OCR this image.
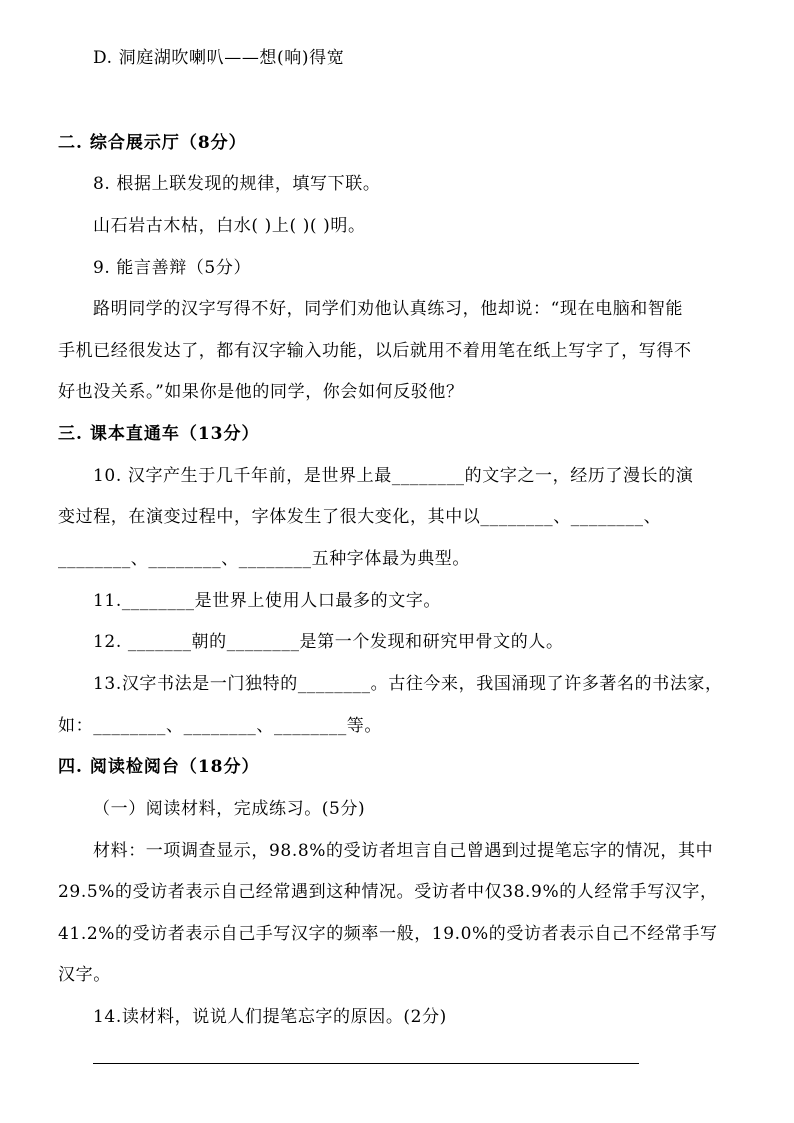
D. 洞庭湖吹喇叭——想(响)得宽
二. 综合展示厅（8分）
8. 根据上联发现的规律，填写下联。
山石岩古木枯，白水( )上( )( )明。
9. 能言善辩（5分）
路明同学的汉字写得不好，同学们劝他认真练习，他却说：“现在电脑和智能
手机已经很发达了，都有汉字输入功能，以后就用不着用笔在纸上写字了，写得不
好也没关系。”如果你是他的同学，你会如何反驳他？
三. 课本直通车（13分）
10. 汉字产生于几千年前，是世界上最________的文字之一，经历了漫长的演
变过程，在演变过程中，字体发生了很大变化，其中以________、________、
________、________、________五种字体最为典型。
11.________是世界上使用人口最多的文字。
12. _______朝的________是第一个发现和研究甲骨文的人。
13.汉字书法是一门独特的________。古往今来，我国涌现了许多著名的书法家，
如：________、________、________等。
四. 阅读检阅台（18分）
（一）阅读材料，完成练习。(5分)
材料：一项调查显示，98.8%的受访者坦言自己曾遇到过提笔忘字的情况，其中
29.5%的受访者表示自己经常遇到这种情况。受访者中仅38.9%的人经常手写汉字，
41.2%的受访者表示自己手写汉字的频率一般，19.0%的受访者表示自己不经常手写
汉字。
14.读材料，说说人们提笔忘字的原因。(2分)
